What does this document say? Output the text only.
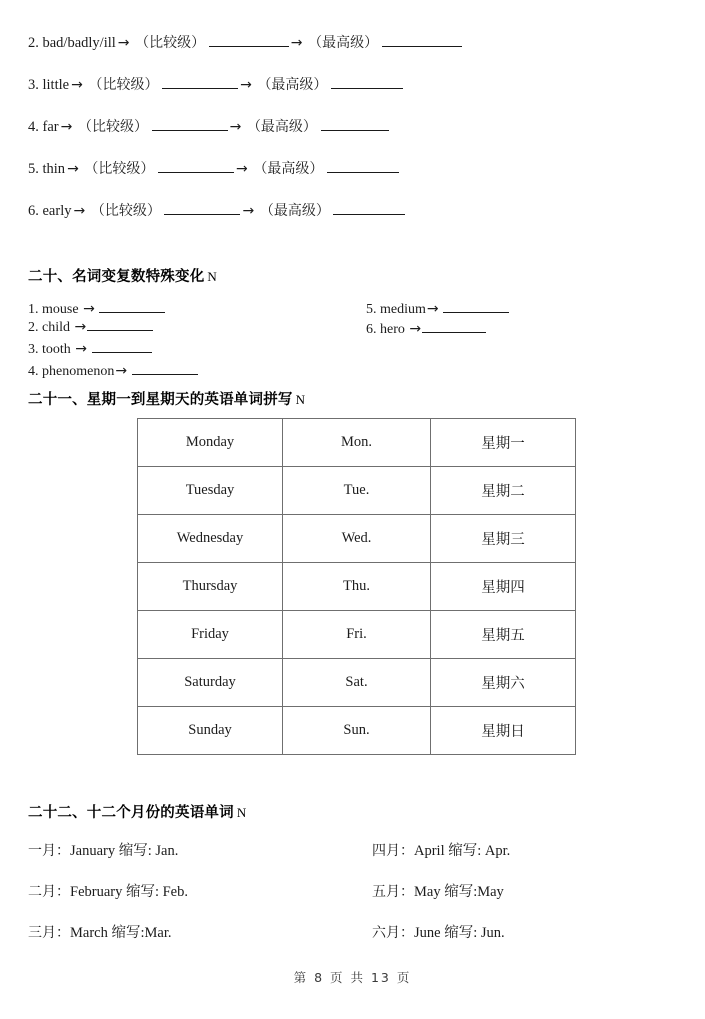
2. bad/badly/ill → （比较级）	→ （最高级）
3. little → （比较级）	→ （最高级）
4. far → （比较级）	→ （最高级）
5. thin → （比较级）	→ （最高级）
6. early → （比较级）	→ （最高级）
二十、名词变复数特殊变化 N
1. mouse →
2. child →
3. tooth →
4. phenomenon→
5. medium→
6. hero →
二十一、星期一到星期天的英语单词拼写 N
Monday	Mon.	星期一
Tuesday	Tue.	星期二
Wednesday	Wed.	星期三
Thursday	Thu.	星期四
Friday	Fri.	星期五
Saturday	Sat.	星期六
Sunday	Sun.	星期日
二十二、十二个月份的英语单词 N
一月：January 缩写: Jan.
二月：February 缩写: Feb.
三月：March 缩写:Mar.
四月：April 缩写: Apr.
五月：May 缩写:May
六月：June 缩写: Jun.
第 8 页 共 13 页
